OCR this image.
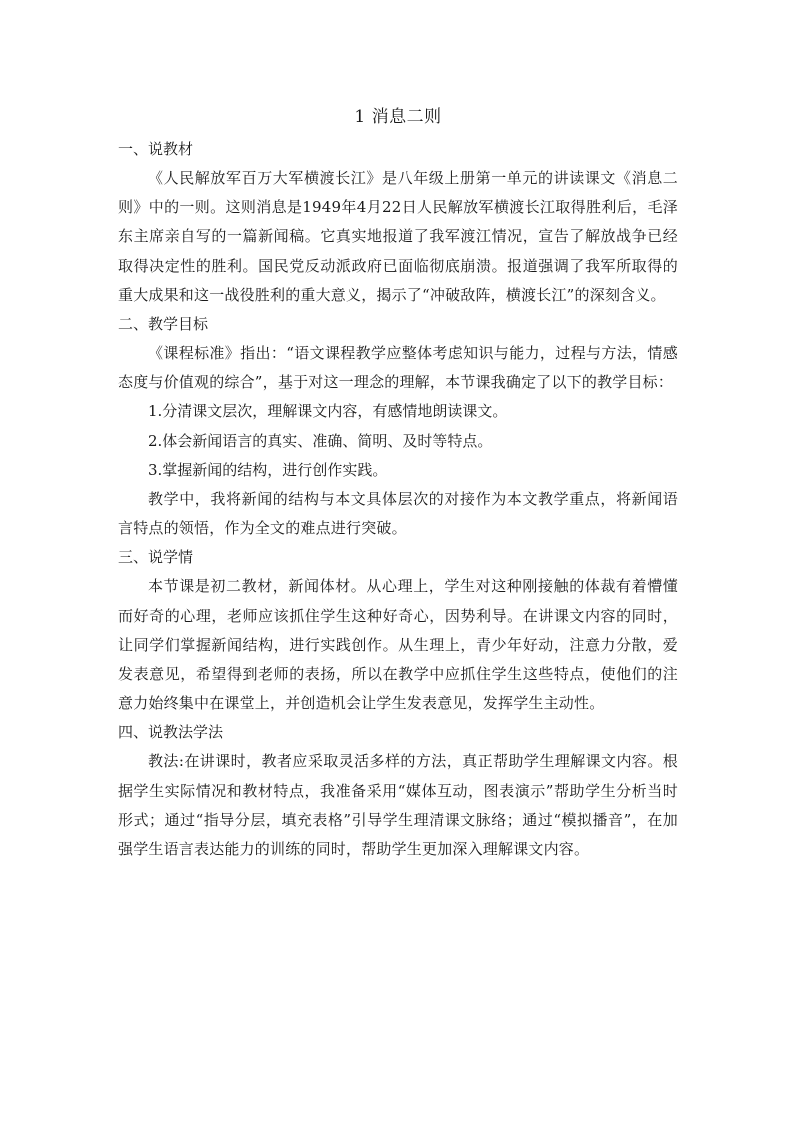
1 消息二则
一、说教材

《人民解放军百万大军横渡长江》是八年级上册第一单元的讲读课文《消息二则》中的一则。这则消息是1949年4月22日人民解放军横渡长江取得胜利后，毛泽东主席亲自写的一篇新闻稿。它真实地报道了我军渡江情况，宣告了解放战争已经取得决定性的胜利。国民党反动派政府已面临彻底崩溃。报道强调了我军所取得的重大成果和这一战役胜利的重大意义，揭示了“冲破敌阵，横渡长江”的深刻含义。

二、教学目标

《课程标准》指出：“语文课程教学应整体考虑知识与能力，过程与方法，情感态度与价值观的综合”，基于对这一理念的理解，本节课我确定了以下的教学目标：

1.分清课文层次，理解课文内容，有感情地朗读课文。

2.体会新闻语言的真实、准确、简明、及时等特点。

3.掌握新闻的结构，进行创作实践。

教学中，我将新闻的结构与本文具体层次的对接作为本文教学重点，将新闻语言特点的领悟，作为全文的难点进行突破。

三、说学情

本节课是初二教材，新闻体材。从心理上，学生对这种刚接触的体裁有着懵懂而好奇的心理，老师应该抓住学生这种好奇心，因势利导。在讲课文内容的同时，让同学们掌握新闻结构，进行实践创作。从生理上，青少年好动，注意力分散，爱发表意见，希望得到老师的表扬，所以在教学中应抓住学生这些特点，使他们的注意力始终集中在课堂上，并创造机会让学生发表意见，发挥学生主动性。

四、说教法学法

教法:在讲课时，教者应采取灵活多样的方法，真正帮助学生理解课文内容。根据学生实际情况和教材特点，我准备采用“媒体互动，图表演示”帮助学生分析当时形式；通过“指导分层，填充表格”引导学生理清课文脉络；通过“模拟播音”，在加强学生语言表达能力的训练的同时，帮助学生更加深入理解课文内容。
